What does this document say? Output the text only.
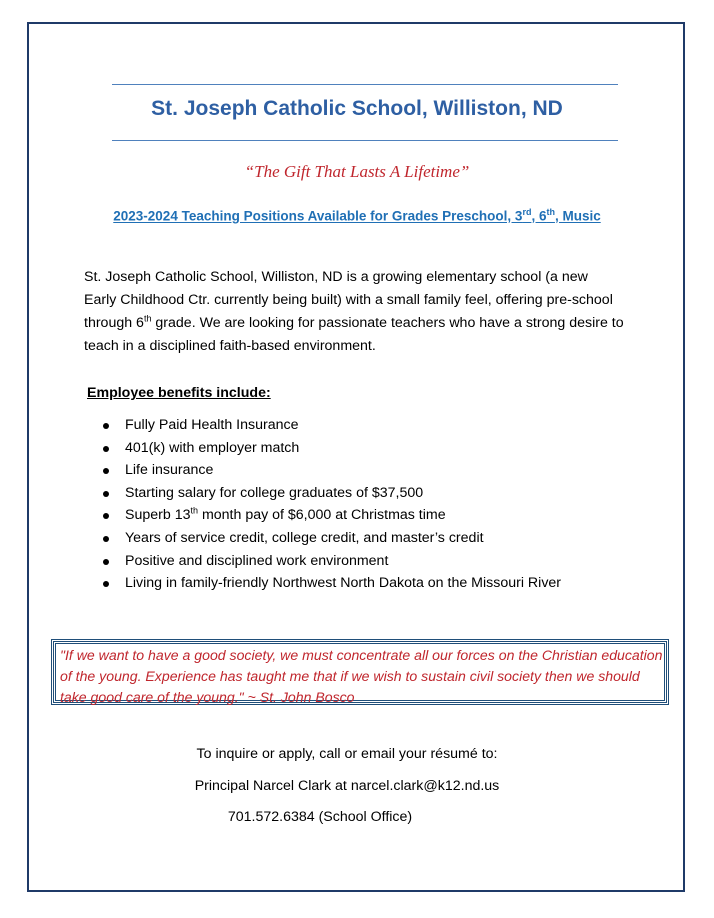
St. Joseph Catholic School, Williston, ND
“The Gift That Lasts A Lifetime”
2023-2024 Teaching Positions Available for Grades Preschool, 3rd, 6th, Music
St. Joseph Catholic School, Williston, ND is a growing elementary school (a new Early Childhood Ctr. currently being built) with a small family feel, offering pre-school through 6th grade. We are looking for passionate teachers who have a strong desire to teach in a disciplined faith-based environment.
Employee benefits include:
Fully Paid Health Insurance
401(k) with employer match
Life insurance
Starting salary for college graduates of $37,500
Superb 13th month pay of $6,000 at Christmas time
Years of service credit, college credit, and master’s credit
Positive and disciplined work environment
Living in family-friendly Northwest North Dakota on the Missouri River
"If we want to have a good society, we must concentrate all our forces on the Christian education of the young. Experience has taught me that if we wish to sustain civil society then we should take good care of the young." ~ St. John Bosco
To inquire or apply, call or email your résumé to:
Principal Narcel Clark at narcel.clark@k12.nd.us
701.572.6384 (School Office)
